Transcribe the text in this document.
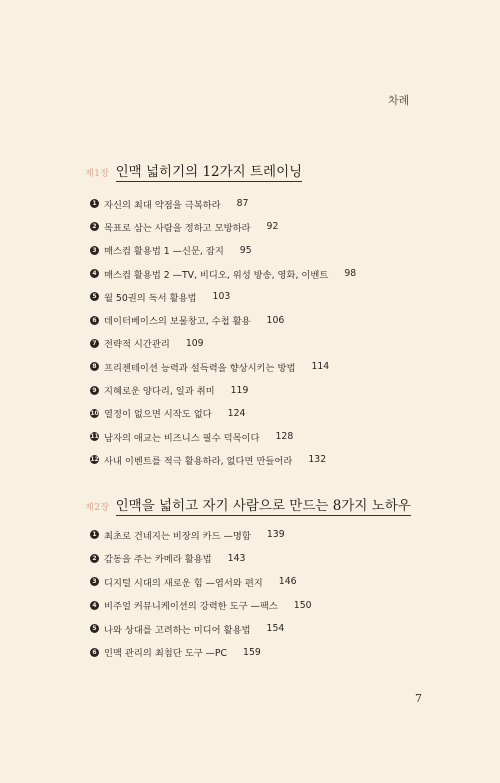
차례
제1장 인맥 넓히기의 12가지 트레이닝
1 자신의 최대 약점을 극복하라 87
2 목표로 삼는 사람을 정하고 모방하라 92
3 매스컴 활용법 1 —신문, 잡지 95
4 매스컴 활용법 2 —TV, 비디오, 위성 방송, 영화, 이벤트 98
5 월 50권의 독서 활용법 103
6 데이터베이스의 보물창고, 수첩 활용 106
7 전략적 시간관리 109
8 프리젠테이션 능력과 설득력을 향상시키는 방법 114
9 지혜로운 양다리, 일과 취미 119
10 열정이 없으면 시작도 없다 124
11 남자의 애교는 비즈니스 필수 덕목이다 128
12 사내 이벤트를 적극 활용하라, 없다면 만들어라 132
제2장 인맥을 넓히고 자기 사람으로 만드는 8가지 노하우
1 최초로 건네지는 비장의 카드 —명함 139
2 감동을 주는 카메라 활용법 143
3 디지털 시대의 새로운 힘 —엽서와 편지 146
4 비주얼 커뮤니케이션의 강력한 도구 —팩스 150
5 나와 상대를 고려하는 미디어 활용법 154
6 인맥 관리의 최첨단 도구 —PC 159
7
